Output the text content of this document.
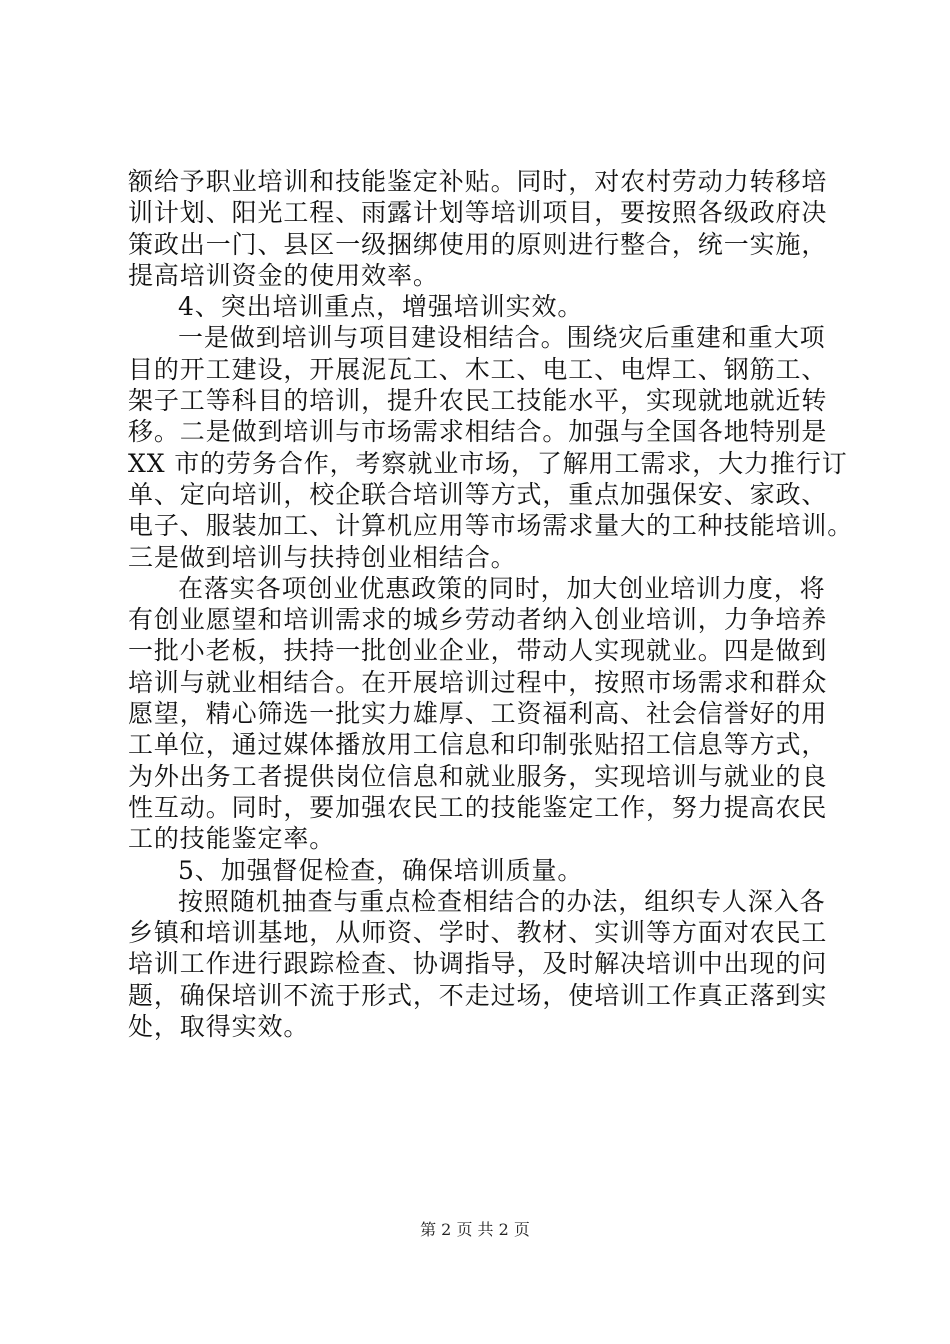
额给予职业培训和技能鉴定补贴。同时，对农村劳动力转移培
训计划、阳光工程、雨露计划等培训项目，要按照各级政府决
策政出一门、县区一级捆绑使用的原则进行整合，统一实施，
提高培训资金的使用效率。
4、突出培训重点，增强培训实效。
一是做到培训与项目建设相结合。围绕灾后重建和重大项
目的开工建设，开展泥瓦工、木工、电工、电焊工、钢筋工、
架子工等科目的培训，提升农民工技能水平，实现就地就近转
移。二是做到培训与市场需求相结合。加强与全国各地特别是
XX 市的劳务合作，考察就业市场，了解用工需求，大力推行订
单、定向培训，校企联合培训等方式，重点加强保安、家政、
电子、服装加工、计算机应用等市场需求量大的工种技能培训。
三是做到培训与扶持创业相结合。
在落实各项创业优惠政策的同时，加大创业培训力度，将
有创业愿望和培训需求的城乡劳动者纳入创业培训，力争培养
一批小老板，扶持一批创业企业，带动人实现就业。四是做到
培训与就业相结合。在开展培训过程中，按照市场需求和群众
愿望，精心筛选一批实力雄厚、工资福利高、社会信誉好的用
工单位，通过媒体播放用工信息和印制张贴招工信息等方式，
为外出务工者提供岗位信息和就业服务，实现培训与就业的良
性互动。同时，要加强农民工的技能鉴定工作，努力提高农民
工的技能鉴定率。
5、加强督促检查，确保培训质量。
按照随机抽查与重点检查相结合的办法，组织专人深入各
乡镇和培训基地，从师资、学时、教材、实训等方面对农民工
培训工作进行跟踪检查、协调指导，及时解决培训中出现的问
题，确保培训不流于形式，不走过场，使培训工作真正落到实
处，取得实效。
第 2 页 共 2 页
